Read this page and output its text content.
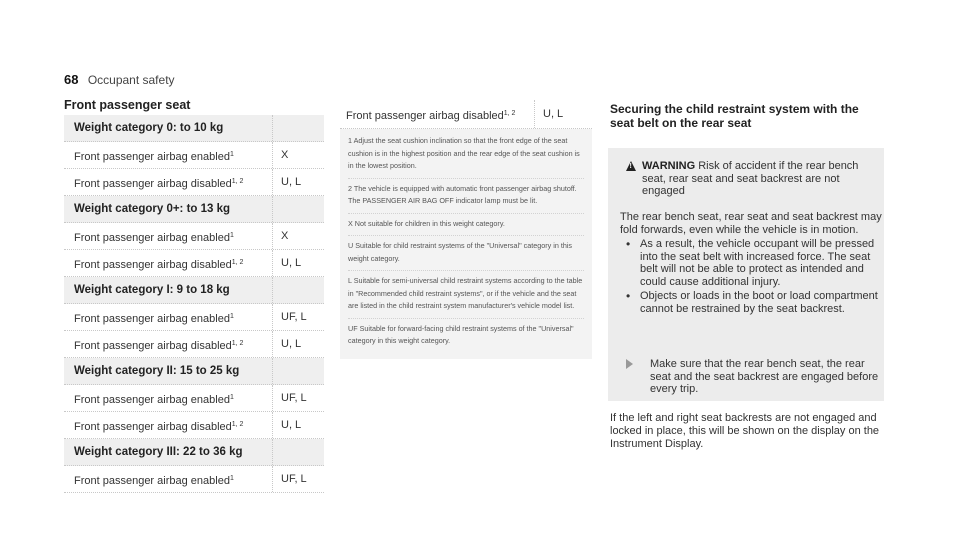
68 Occupant safety
Front passenger seat
Weight category 0: to 10 kg
Front passenger airbag enabled$^1$	X
Front passenger airbag disabled$^{1, 2}$	U, L
Weight category 0+: to 13 kg
Front passenger airbag enabled$^1$	X
Front passenger airbag disabled$^{1, 2}$	U, L
Weight category I: 9 to 18 kg
Front passenger airbag enabled$^1$	UF, L
Front passenger airbag disabled$^{1, 2}$	U, L
Weight category II: 15 to 25 kg
Front passenger airbag enabled$^1$	UF, L
Front passenger airbag disabled$^{1, 2}$	U, L
Weight category III: 22 to 36 kg
Front passenger airbag enabled$^1$	UF, L
Front passenger airbag disabled$^{1, 2}$	U, L
1 Adjust the seat cushion inclination so that the front edge of the seat cushion is in the highest position and the rear edge of the seat cushion is in the lowest position.
2 The vehicle is equipped with automatic front passenger airbag shutoff. The PASSENGER AIR BAG OFF indicator lamp must be lit.
X Not suitable for children in this weight category.
U Suitable for child restraint systems of the "Universal" category in this weight category.
L Suitable for semi-universal child restraint systems according to the table in "Recommended child restraint systems", or if the vehicle and the seat are listed in the child restraint system manufacturer's vehicle model list.
UF Suitable for forward-facing child restraint systems of the "Universal" category in this weight category.
Securing the child restraint system with the seat belt on the rear seat
! WARNING Risk of accident if the rear bench seat, rear seat and seat backrest are not engaged
The rear bench seat, rear seat and seat backrest may fold forwards, even while the vehicle is in motion.
• As a result, the vehicle occupant will be pressed into the seat belt with increased force. The seat belt will not be able to protect as intended and could cause additional injury.
• Objects or loads in the boot or load compartment cannot be restrained by the seat backrest.
Make sure that the rear bench seat, the rear seat and the seat backrest are engaged before every trip.
If the left and right seat backrests are not engaged and locked in place, this will be shown on the display on the Instrument Display.
